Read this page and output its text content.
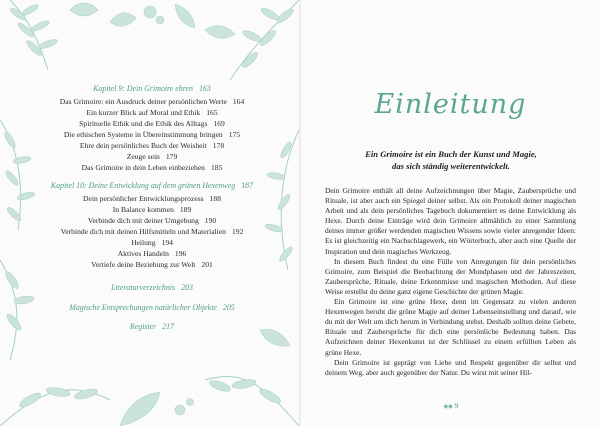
Kapitel 9: Dein Grimoire ehren 163
Das Grimoire: ein Ausdruck deiner persönlichen Werte 164
Ein kurzer Blick auf Moral und Ethik 165
Spirituelle Ethik und die Ethik des Alltags 169
Die ethischen Systeme in Übereinstimmung bringen 175
Ehre dein persönliches Buch der Weisheit 178
Zeuge sein 179
Das Grimoire in dein Leben einbeziehen 185
Kapitel 10: Deine Entwicklung auf dem grünen Hexenweg 187
Dein persönlicher Entwicklungsprozess 188
In Balance kommen 189
Verbinde dich mit deiner Umgebung 190
Verbinde dich mit deinen Hilfsmitteln und Materialien 192
Heilung 194
Aktives Handeln 196
Vertiefe deine Beziehung zur Welt 201
Literaturverzeichnis 203
Magische Entsprechungen natürlicher Objekte 205
Register 217
Einleitung
Ein Grimoire ist ein Buch der Kunst und Magie,
das sich ständig weiterentwickelt.

Dein Grimoire enthält all deine Aufzeichnungen über Magie, Zaubersprüche und Rituale, ist aber auch ein Spiegel deiner selbst. Als ein Protokoll deiner magischen Arbeit und als dein persönliches Tagebuch dokumentiert es deine Entwicklung als Hexe. Durch deine Einträge wird dein Grimoire allmählich zu einer Sammlung deines immer größer werdenden magischen Wissens sowie vieler anregender Ideen: Es ist gleichzeitig ein Nachschlagewerk, ein Wörterbuch, aber auch eine Quelle der Inspiration und dein magisches Werkzeug.

In diesem Buch findest du eine Fülle von Anregungen für dein persönliches Grimoire, zum Beispiel die Beobachtung der Mondphasen und der Jahreszeiten, Zaubersprüche, Rituale, deine Erkenntnisse und magischen Methoden. Auf diese Weise erstellst du deine ganz eigene Geschichte der grünen Magie.

Ein Grimoire ist eine grüne Hexe, denn im Gegensatz zu vielen anderen Hexenwegen beruht die grüne Magie auf deiner Lebenseinstellung und darauf, wie du mit der Welt um dich herum in Verbindung stehst. Deshalb sollten deine Gebete, Rituale und Zaubersprüche für dich eine persönliche Bedeutung haben. Das Aufzeichnen deiner Hexenkunst ist der Schlüssel zu einem erfüllten Leben als grüne Hexe.

Dein Grimoire ist geprägt von Liebe und Respekt gegenüber dir selbst und deinem Weg, aber auch gegenüber der Natur. Du wirst mit seiner Hil-

◆◆ 9
